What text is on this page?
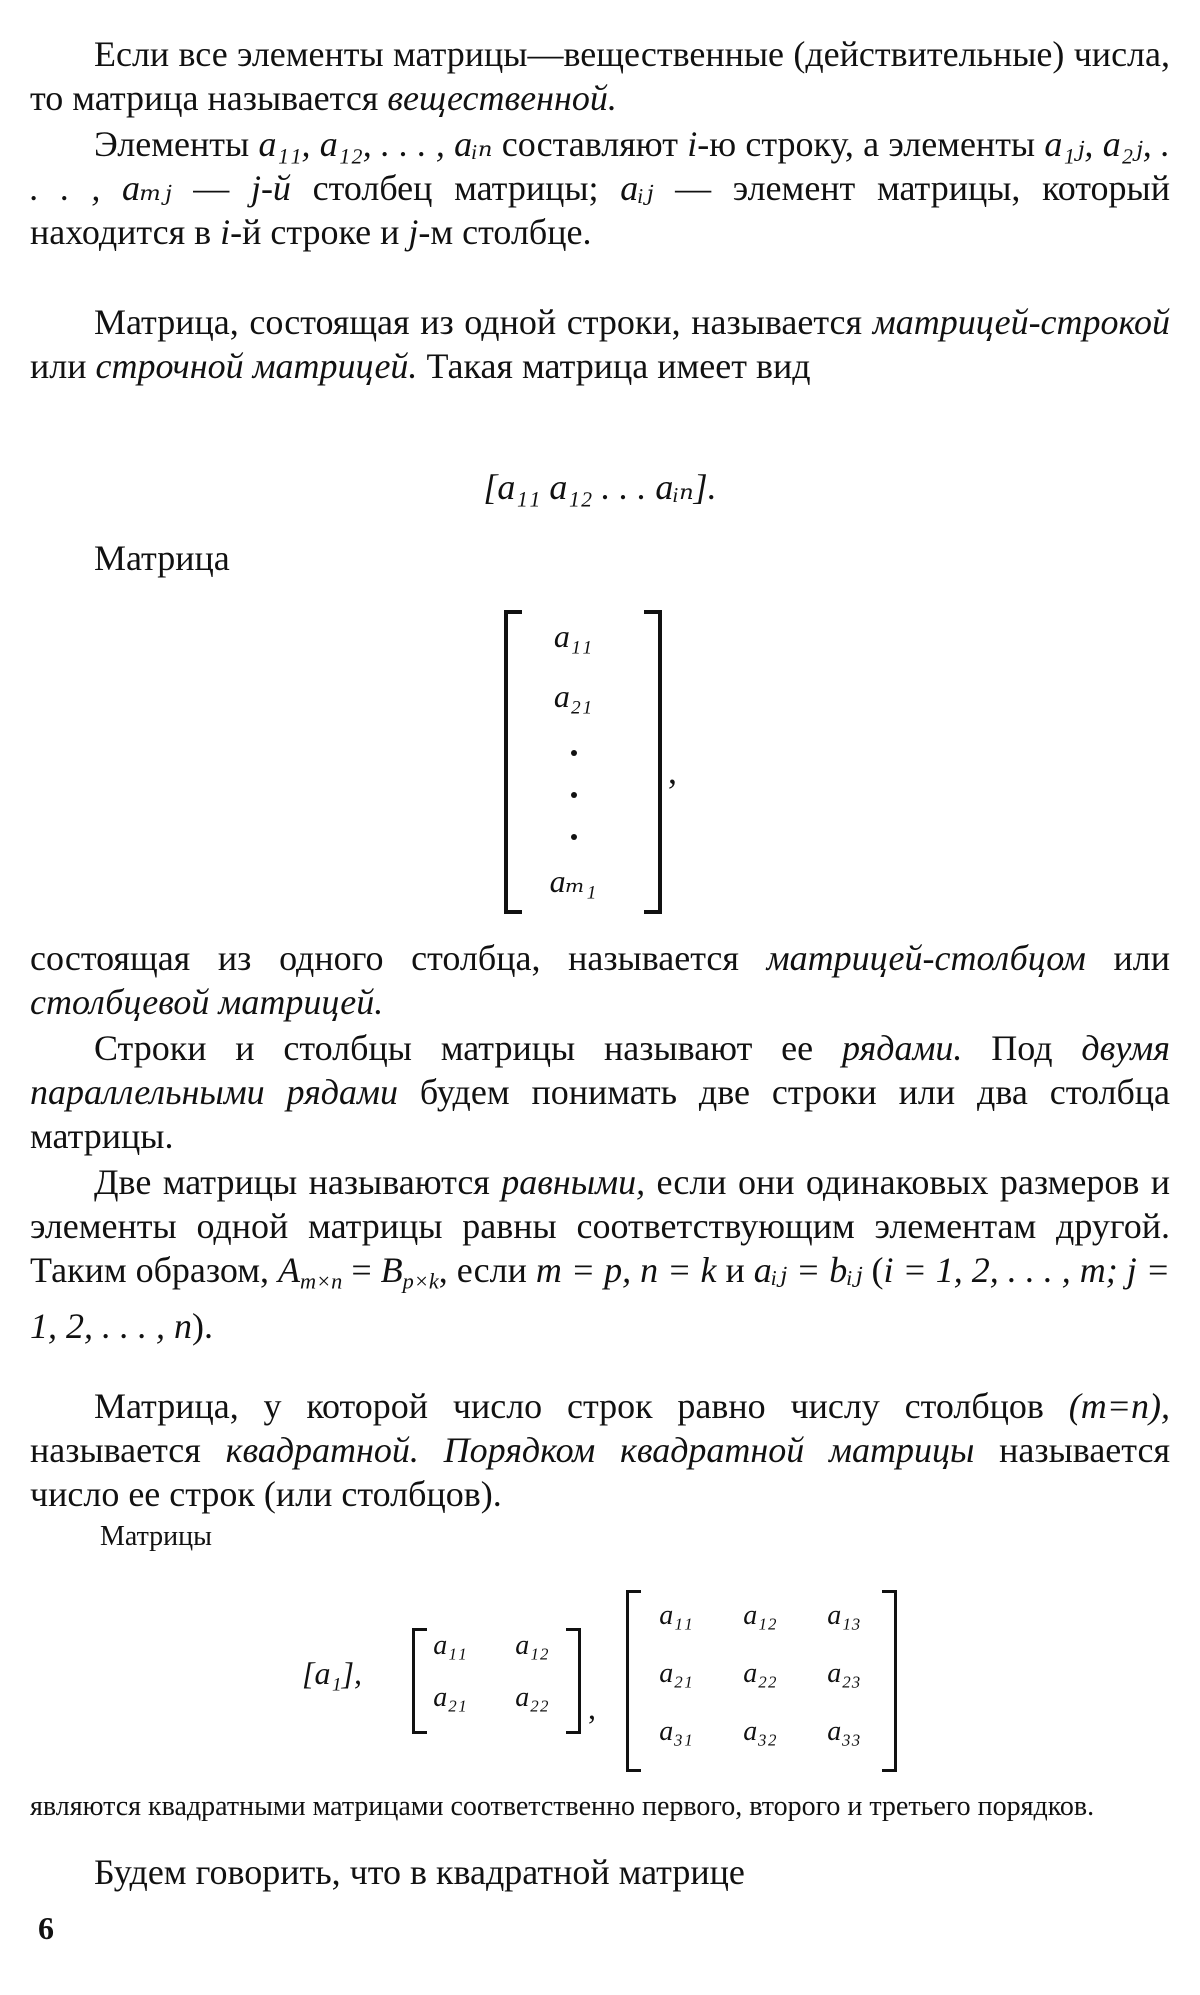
Если все элементы матрицы—вещественные (действительные) числа, то матрица называется вещественной.

Элементы a₁₁, a₁₂, . . . , aᵢₙ составляют i-ю строку, а элементы a₁ⱼ, a₂ⱼ, . . . , aₘⱼ — j-й столбец матрицы; aᵢⱼ — элемент матрицы, который находится в i-й строке и j-м столбце.

Матрица, состоящая из одной строки, называется матрицей-строкой или строчной матрицей. Такая матрица имеет вид

[a₁₁ a₁₂ . . . aᵢₙ].

Матрица

a₁₁
a₂₁
aₘ₁
,

состоящая из одного столбца, называется матрицей-столбцом или столбцевой матрицей.

Строки и столбцы матрицы называют ее рядами. Под двумя параллельными рядами будем понимать две строки или два столбца матрицы.

Две матрицы называются равными, если они одинаковых размеров и элементы одной матрицы равны соответствующим элементам другой. Таким образом, $A_{m\times n} = B_{p\times k}$, если m = p, n = k и aᵢⱼ = bᵢⱼ (i = 1, 2, . . . , m; j = 1, 2, . . . , n).

Матрица, у которой число строк равно числу столбцов (m=n), называется квадратной. Порядком квадратной матрицы называется число ее строк (или столбцов).

Матрицы

[a₁],
a₁₁	a₁₂
a₂₁	a₂₂	,
a₁₁	a₁₂	a₁₃
a₂₁	a₂₂	a₂₃
a₃₁	a₃₂	a₃₃

являются квадратными матрицами соответственно первого, второго и третьего порядков.

Будем говорить, что в квадратной матрице

6
